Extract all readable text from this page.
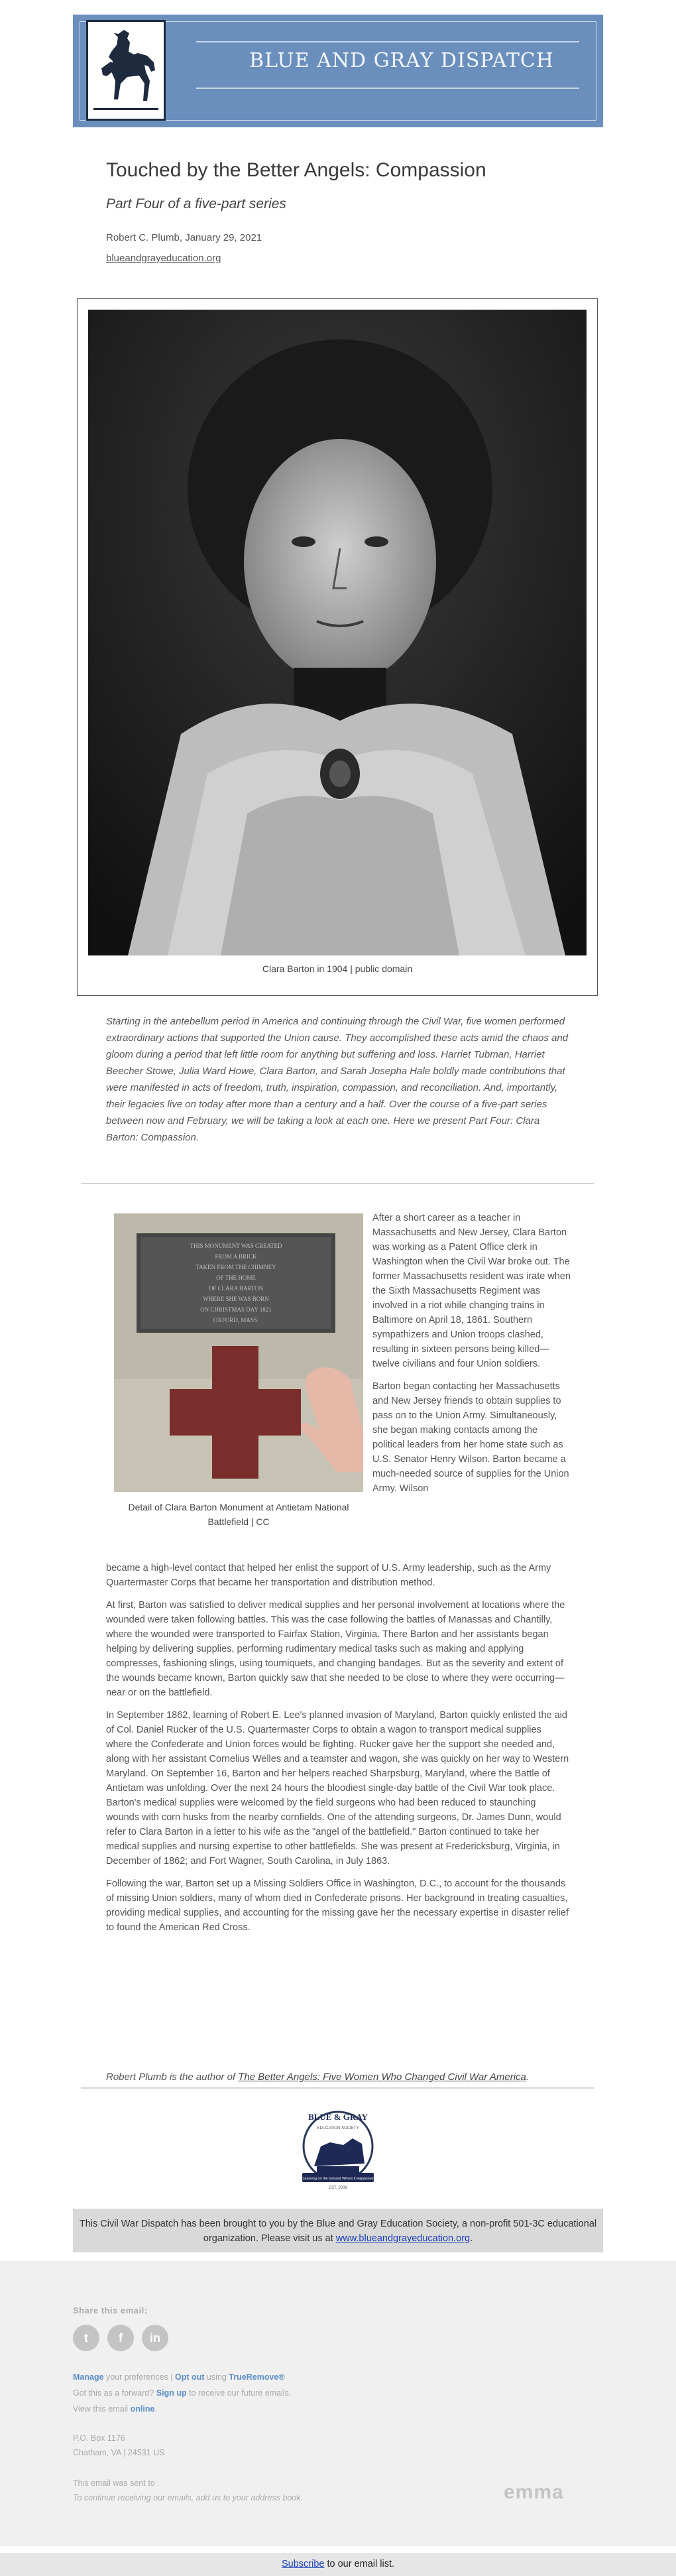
BLUE AND GRAY DISPATCH
Touched by the Better Angels: Compassion
Part Four of a five-part series
Robert C. Plumb, January 29, 2021
blueandgrayeducation.org
Clara Barton in 1904 | public domain
Starting in the antebellum period in America and continuing through the Civil War, five women performed extraordinary actions that supported the Union cause. They accomplished these acts amid the chaos and gloom during a period that left little room for anything but suffering and loss. Harriet Tubman, Harriet Beecher Stowe, Julia Ward Howe, Clara Barton, and Sarah Josepha Hale boldly made contributions that were manifested in acts of freedom, truth, inspiration, compassion, and reconciliation. And, importantly, their legacies live on today after more than a century and a half. Over the course of a five-part series between now and February, we will be taking a look at each one. Here we present Part Four: Clara Barton: Compassion.
THIS MONUMENT WAS CREATED
FROM A BRICK
TAKEN FROM THE CHIMNEY
OF THE HOME
OF CLARA BARTON
WHERE SHE WAS BORN
ON CHRISTMAS DAY 1821
OXFORD, MASS.
Detail of Clara Barton Monument at Antietam National Battlefield | CC

After a short career as a teacher in Massachusetts and New Jersey, Clara Barton was working as a Patent Office clerk in Washington when the Civil War broke out. The former Massachusetts resident was irate when the Sixth Massachusetts Regiment was involved in a riot while changing trains in Baltimore on April 18, 1861. Southern sympathizers and Union troops clashed, resulting in sixteen persons being killed—twelve civilians and four Union soldiers.

Barton began contacting her Massachusetts and New Jersey friends to obtain supplies to pass on to the Union Army. Simultaneously, she began making contacts among the political leaders from her home state such as U.S. Senator Henry Wilson. Barton became a much-needed source of supplies for the Union Army. Wilson

became a high-level contact that helped her enlist the support of U.S. Army leadership, such as the Army Quartermaster Corps that became her transportation and distribution method.

At first, Barton was satisfied to deliver medical supplies and her personal involvement at locations where the wounded were taken following battles. This was the case following the battles of Manassas and Chantilly, where the wounded were transported to Fairfax Station, Virginia. There Barton and her assistants began helping by delivering supplies, performing rudimentary medical tasks such as making and applying compresses, fashioning slings, using tourniquets, and changing bandages. But as the severity and extent of the wounds became known, Barton quickly saw that she needed to be close to where they were occurring—near or on the battlefield.

In September 1862, learning of Robert E. Lee's planned invasion of Maryland, Barton quickly enlisted the aid of Col. Daniel Rucker of the U.S. Quartermaster Corps to obtain a wagon to transport medical supplies where the Confederate and Union forces would be fighting. Rucker gave her the support she needed and, along with her assistant Cornelius Welles and a teamster and wagon, she was quickly on her way to Western Maryland. On September 16, Barton and her helpers reached Sharpsburg, Maryland, where the Battle of Antietam was unfolding. Over the next 24 hours the bloodiest single-day battle of the Civil War took place. Barton's medical supplies were welcomed by the field surgeons who had been reduced to staunching wounds with corn husks from the nearby cornfields. One of the attending surgeons, Dr. James Dunn, would refer to Clara Barton in a letter to his wife as the "angel of the battlefield." Barton continued to take her medical supplies and nursing expertise to other battlefields. She was present at Fredericksburg, Virginia, in December of 1862; and Fort Wagner, South Carolina, in July 1863.

Following the war, Barton set up a Missing Soldiers Office in Washington, D.C., to account for the thousands of missing Union soldiers, many of whom died in Confederate prisons. Her background in treating casualties, providing medical supplies, and accounting for the missing gave her the necessary expertise in disaster relief to found the American Red Cross.

Robert Plumb is the author of The Better Angels: Five Women Who Changed Civil War America.
BLUE & GRAY
EDUCATION SOCIETY
Learning on the Ground Where it Happened
EST. 2006
This Civil War Dispatch has been brought to you by the Blue and Gray Education Society, a non-profit 501-3C educational organization. Please visit us at www.blueandgrayeducation.org.
Share this email:
t	f	in
Manage your preferences | Opt out using TrueRemove®
Got this as a forward? Sign up to receive our future emails.
View this email online.
P.O. Box 1176
Chatham, VA | 24531 US
This email was sent to .
To continue receiving our emails, add us to your address book.	emma
Subscribe to our email list.
